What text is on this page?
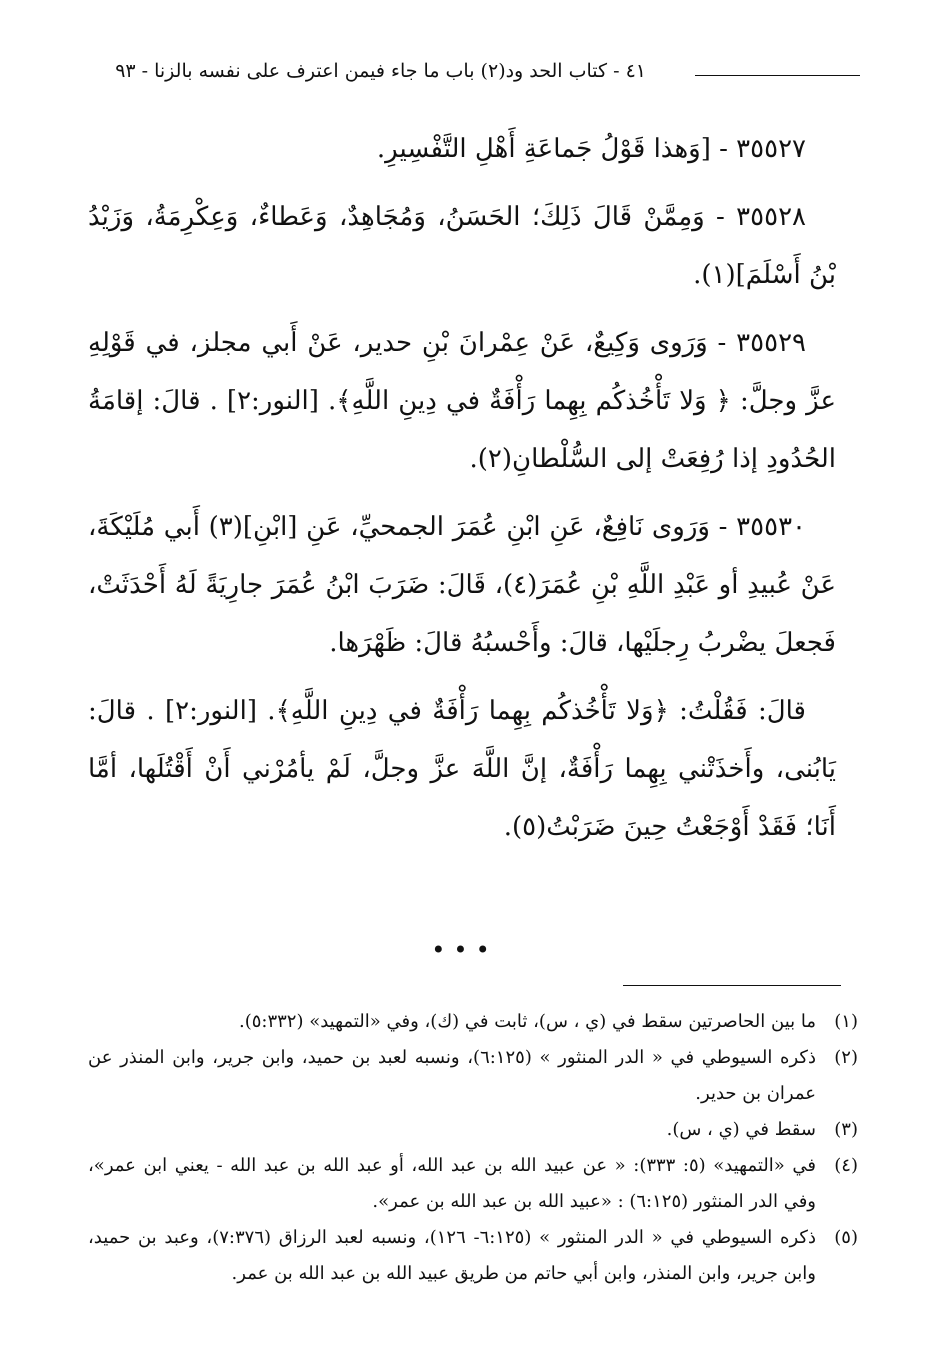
٤١ - كتاب الحد ود(٢) باب ما جاء فيمن اعترف على نفسه بالزنا - ٩٣

٣٥٥٢٧ - [وَهذا قَوْلُ جَماعَةِ أَهْلِ التَّفْسِيرِ.

٣٥٥٢٨ - وَمِمَّنْ قَالَ ذَلِكَ؛ الحَسَنُ، وَمُجَاهِدٌ، وَعَطاءٌ، وَعِكْرِمَةُ، وَزَيْدُ بْنُ أَسْلَمَ](١).

٣٥٥٢٩ - وَرَوى وَكِيعٌ، عَنْ عِمْرانَ بْنِ حدير، عَنْ أَبي مجلز، في قَوْلِهِ عزَّ وجلَّ: ﴿ وَلا تَأْخُذكُم بِهِما رَأْفَةٌ في دِينِ اللَّهِ﴾. [النور:٢] . قالَ: إقامَةُ الحُدُودِ إذا رُفِعَتْ إلى السُّلْطانِ(٢).

٣٥٥٣٠ - وَرَوى نَافِعٌ، عَنِ ابْنِ عُمَرَ الجمحيِّ، عَنِ [ابْنِ](٣) أَبي مُلَيْكَةَ، عَنْ عُبيدِ أو عَبْدِ اللَّهِ بْنِ عُمَرَ(٤)، قَالَ: ضَرَبَ ابْنُ عُمَرَ جارِيَةً لَهُ أَحْدَثَتْ، فَجعلَ يضْربُ رِجلَيْها، قالَ: وأَحْسبُهُ قالَ: ظَهْرَها.

قالَ: فَقُلْتُ: ﴿وَلا تَأْخُذكُم بِهِما رَأْفَةٌ في دِينِ اللَّهِ﴾. [النور:٢] . قالَ: يَابُنى، وأَخذَتْني بِهِما رَأْفَةٌ، إنَّ اللَّهَ عزَّ وجلَّ، لَمْ يأمُرْني أَنْ أَقْتُلَها، أمَّا أَنَا؛ فَقَدْ أَوْجَعْتُ حِينَ ضَرَبْتُ(٥).

•••
(١)
ما بين الحاصرتين سقط في (ي ، س)، ثابت في (ك)، وفي «التمهيد» (٥:٣٣٢).
(٢)
ذكره السيوطي في « الدر المنثور » (٦:١٢٥)، ونسبه لعبد بن حميد، وابن جرير، وابن المنذر عن عمران بن حدير.
(٣)
سقط في (ي ، س).
(٤)
في «التمهيد» (٥: ٣٣٣): « عن عبيد الله بن عبد الله، أو عبد الله بن عبد الله - يعني ابن عمر»، وفي الدر المنثور (٦:١٢٥) : «عبيد الله بن عبد الله بن عمر».
(٥)
ذكره السيوطي في « الدر المنثور » (٦:١٢٥- ١٢٦)، ونسبه لعبد الرزاق (٧:٣٧٦)، وعبد بن حميد، وابن جرير، وابن المنذر، وابن أبي حاتم من طريق عبيد الله بن عبد الله بن عمر.
